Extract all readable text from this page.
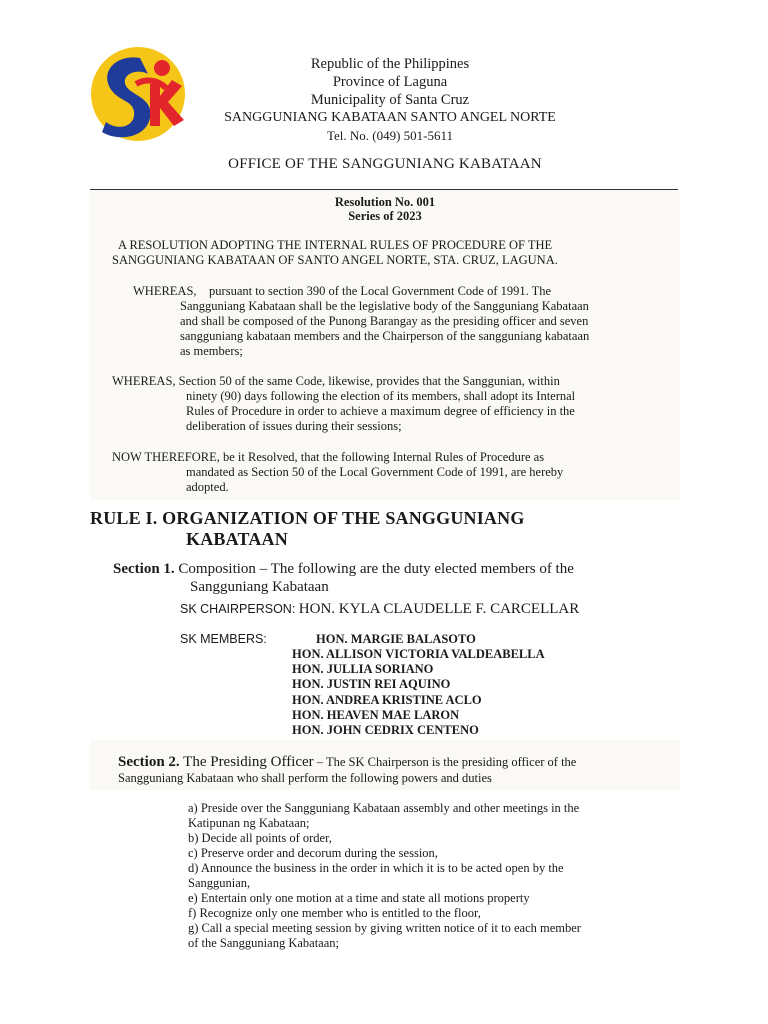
Republic of the Philippines
Province of Laguna
Municipality of Santa Cruz
SANGGUNIANG KABATAAN SANTO ANGEL NORTE
Tel. No. (049) 501-5611
OFFICE OF THE SANGGUNIANG KABATAAN
Resolution No. 001
Series of 2023
A RESOLUTION ADOPTING THE INTERNAL RULES OF PROCEDURE OF THE
SANGGUNIANG KABATAAN OF SANTO ANGEL NORTE, STA. CRUZ, LAGUNA.
WHEREAS,    pursuant to section 390 of the Local Government Code of 1991. The
Sangguniang Kabataan shall be the legislative body of the Sangguniang Kabataan
and shall be composed of the Punong Barangay as the presiding officer and seven
sangguniang kabataan members and the Chairperson of the sangguniang kabataan
as members;
WHEREAS, Section 50 of the same Code, likewise, provides that the Sanggunian, within
ninety (90) days following the election of its members, shall adopt its Internal
Rules of Procedure in order to achieve a maximum degree of efficiency in the
deliberation of issues during their sessions;
NOW THEREFORE, be it Resolved, that the following Internal Rules of Procedure as
mandated as Section 50 of the Local Government Code of 1991, are hereby
adopted.
RULE I. ORGANIZATION OF THE SANGGUNIANG
KABATAAN
Section 1. Composition – The following are the duty elected members of the
Sangguniang Kabataan
SK CHAIRPERSON: HON. KYLA CLAUDELLE F. CARCELLAR
SK MEMBERS:	HON. MARGIE BALASOTO
HON. ALLISON VICTORIA VALDEABELLA
HON. JULLIA SORIANO
HON. JUSTIN REI AQUINO
HON. ANDREA KRISTINE ACLO
HON. HEAVEN MAE LARON
HON. JOHN CEDRIX CENTENO
Section 2. The Presiding Officer – The SK Chairperson is the presiding officer of the
Sangguniang Kabataan who shall perform the following powers and duties
a) Preside over the Sangguniang Kabataan assembly and other meetings in the
Katipunan ng Kabataan;
b) Decide all points of order,
c) Preserve order and decorum during the session,
d) Announce the business in the order in which it is to be acted open by the
Sanggunian,
e) Entertain only one motion at a time and state all motions property
f) Recognize only one member who is entitled to the floor,
g) Call a special meeting session by giving written notice of it to each member
of the Sangguniang Kabataan;
